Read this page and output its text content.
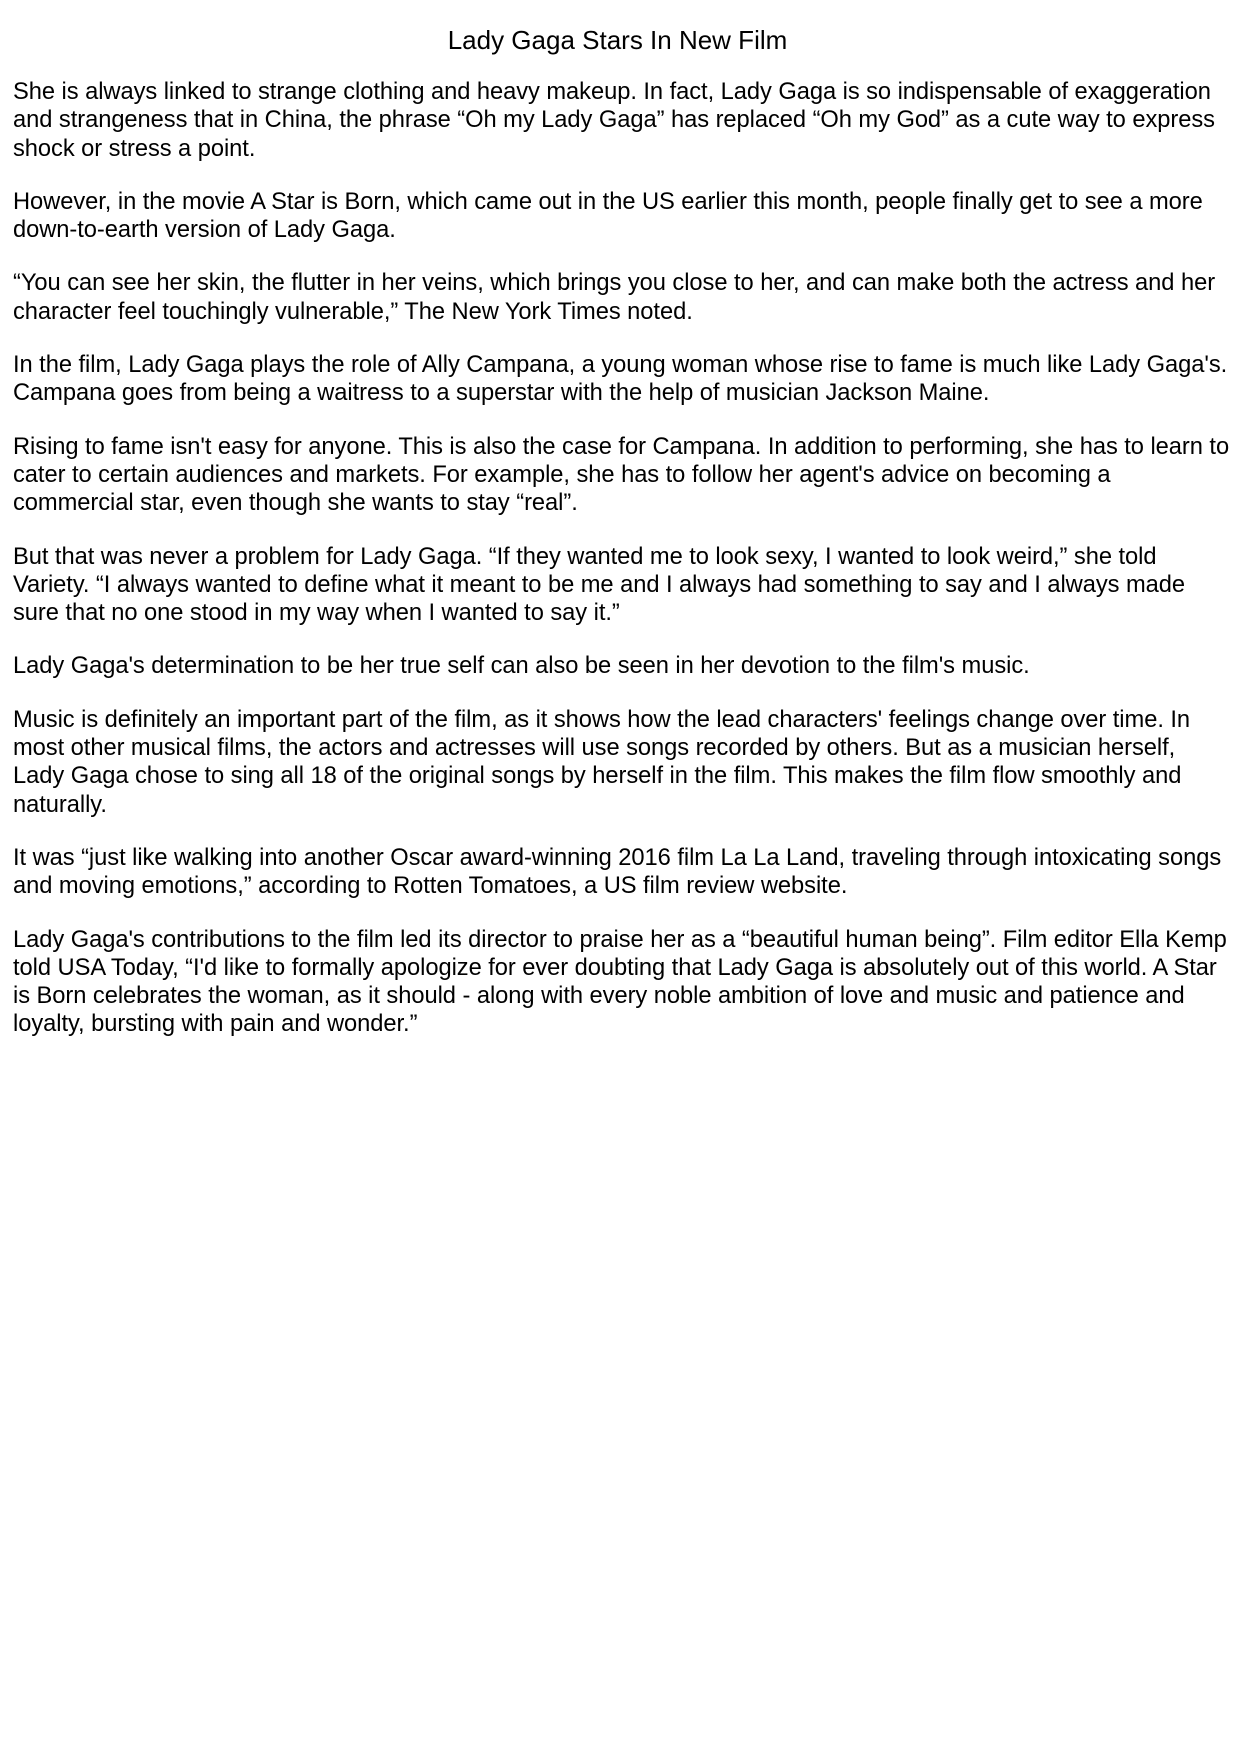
Lady Gaga Stars In New Film

She is always linked to strange clothing and heavy makeup. In fact, Lady Gaga is so indispensable of exaggeration and strangeness that in China, the phrase “Oh my Lady Gaga” has replaced “Oh my God” as a cute way to express shock or stress a point.

However, in the movie A Star is Born, which came out in the US earlier this month, people finally get to see a more down-to-earth version of Lady Gaga.

“You can see her skin, the flutter in her veins, which brings you close to her, and can make both the actress and her character feel touchingly vulnerable,” The New York Times noted.

In the film, Lady Gaga plays the role of Ally Campana, a young woman whose rise to fame is much like Lady Gaga's. Campana goes from being a waitress to a superstar with the help of musician Jackson Maine.

Rising to fame isn't easy for anyone. This is also the case for Campana. In addition to performing, she has to learn to cater to certain audiences and markets. For example, she has to follow her agent's advice on becoming a commercial star, even though she wants to stay “real”.

But that was never a problem for Lady Gaga. “If they wanted me to look sexy, I wanted to look weird,” she told Variety. “I always wanted to define what it meant to be me and I always had something to say and I always made sure that no one stood in my way when I wanted to say it.”

Lady Gaga's determination to be her true self can also be seen in her devotion to the film's music.

Music is definitely an important part of the film, as it shows how the lead characters' feelings change over time. In most other musical films, the actors and actresses will use songs recorded by others. But as a musician herself, Lady Gaga chose to sing all 18 of the original songs by herself in the film. This makes the film flow smoothly and naturally.

It was “just like walking into another Oscar award-winning 2016 film La La Land, traveling through intoxicating songs and moving emotions,” according to Rotten Tomatoes, a US film review website.

Lady Gaga's contributions to the film led its director to praise her as a “beautiful human being”. Film editor Ella Kemp told USA Today, “I'd like to formally apologize for ever doubting that Lady Gaga is absolutely out of this world. A Star is Born celebrates the woman, as it should - along with every noble ambition of love and music and patience and loyalty, bursting with pain and wonder.”
